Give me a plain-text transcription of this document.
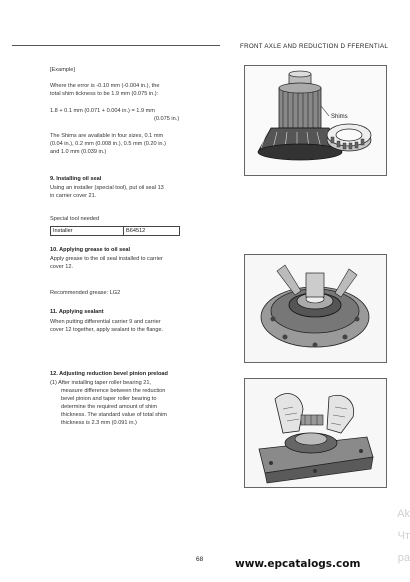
FRONT AXLE AND REDUCTION D FFERENTIAL
[Example]
Where the error is -0.10 mm (-0.004 in.), the
total shim tickness to be 1.9 mm (0.075 in.):
1.8 + 0.1 mm (0.071 + 0.004 in.) = 1.9 mm
(0.075 in.)
The Shims are available in four sizes, 0.1 mm
(0.04 in.), 0.2 mm (0.008 in.), 0.5 mm (0.20 in.)
and 1.0 mm (0.039 in.)
9. Installing oil seal
Using an installer (special tool), put oil seal 13
in carrier cover 21.
Special tool needed
Installer	B64512
10. Applying grease to oil seal
Apply grease to the oil seal installed to carrier
cover 12.
Recommended grease: LG2
11. Applying sealant
When putting differential carrier 9 and carrier
cover 12 together, apply sealant to the flange.
12. Adjusting reduction bevel pinion preload
(1) After installing taper roller bearing 21,
measure difference between the reduction
bevel pinion and taper roller bearing to
determine the required amount of shim
thickness. The standard value of total shim
thickness is 2.3 mm (0.091 in.)
Shims
68	www.epcatalogs.com
Ak
Чт
pa
